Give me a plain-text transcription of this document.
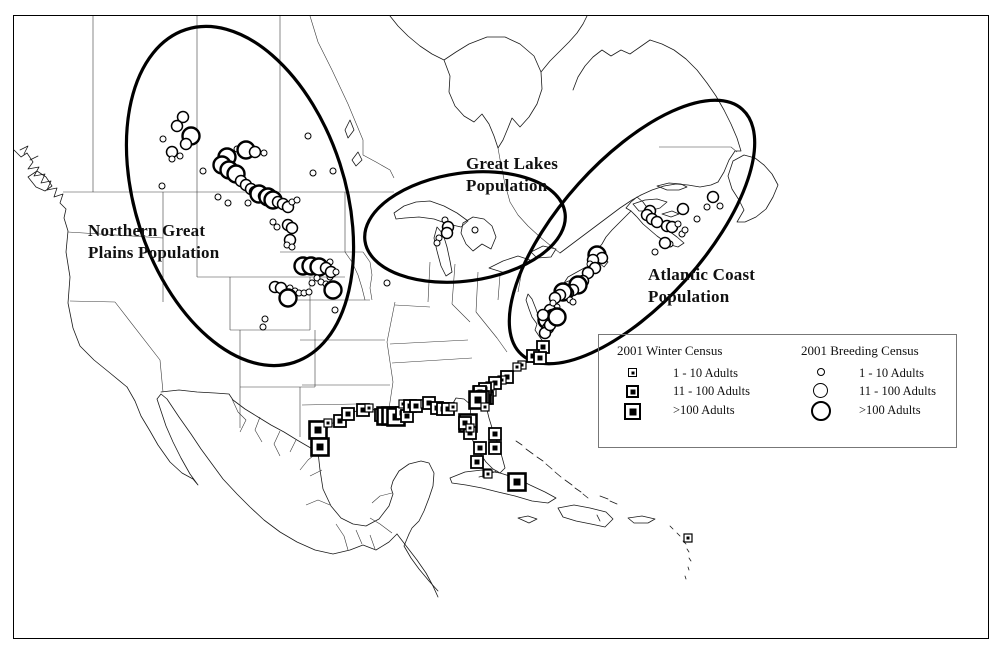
Northern Great
Plains Population
Great Lakes
Population
Atlantic Coast
Population
2001 Winter Census
1 - 10 Adults
11 - 100 Adults
>100 Adults
2001 Breeding Census
1 - 10 Adults
11 - 100 Adults
>100 Adults
